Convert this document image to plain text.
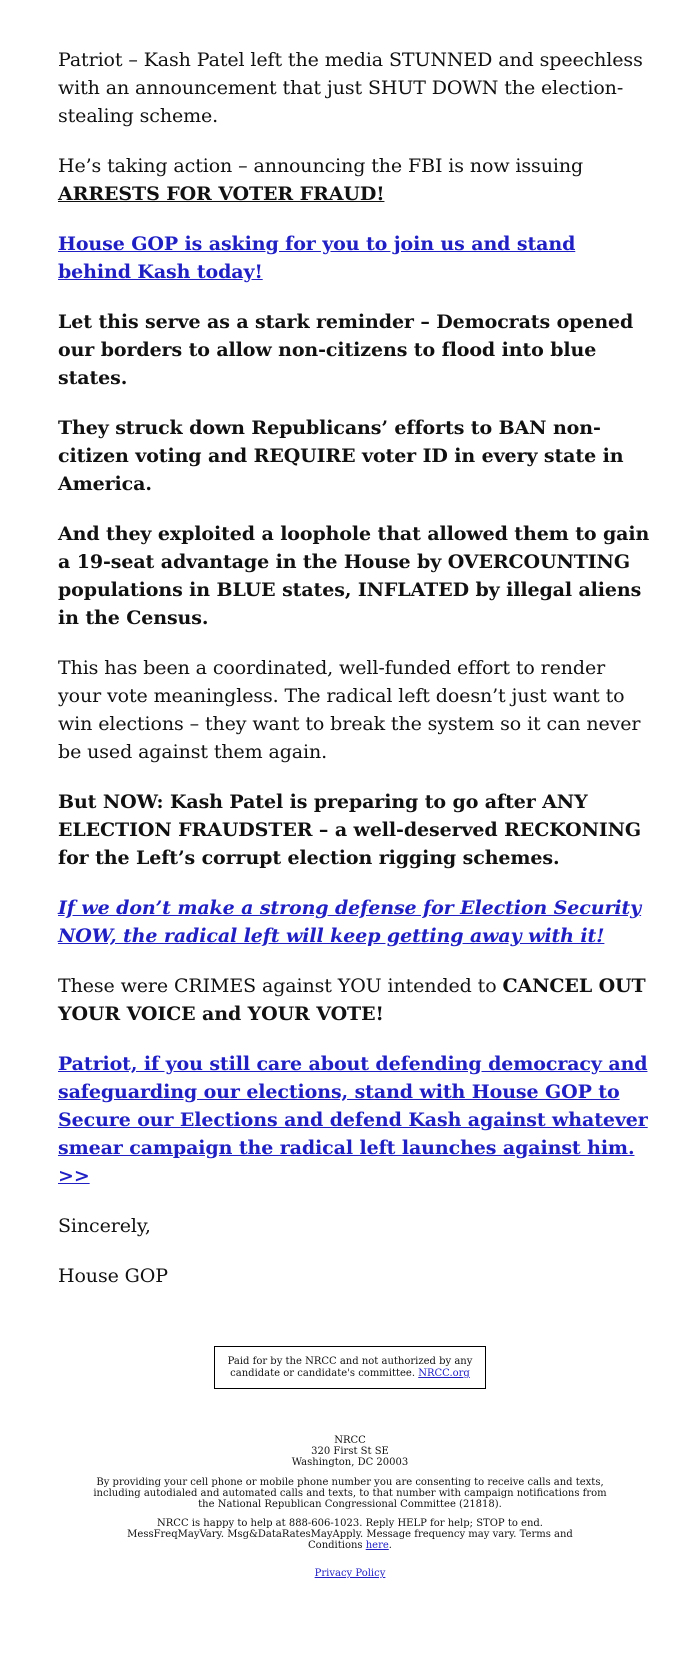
Patriot – Kash Patel left the media STUNNED and speechless with an announcement that just SHUT DOWN the election-stealing scheme.

He’s taking action – announcing the FBI is now issuing ARRESTS FOR VOTER FRAUD!

House GOP is asking for you to join us and stand behind Kash today!

Let this serve as a stark reminder – Democrats opened our borders to allow non-citizens to flood into blue states.

They struck down Republicans’ efforts to BAN non-citizen voting and REQUIRE voter ID in every state in America.

And they exploited a loophole that allowed them to gain a 19-seat advantage in the House by OVERCOUNTING populations in BLUE states, INFLATED by illegal aliens in the Census.

This has been a coordinated, well-funded effort to render your vote meaningless. The radical left doesn’t just want to win elections – they want to break the system so it can never be used against them again.

But NOW: Kash Patel is preparing to go after ANY ELECTION FRAUDSTER – a well-deserved RECKONING for the Left’s corrupt election rigging schemes.

If we don’t make a strong defense for Election Security NOW, the radical left will keep getting away with it!

These were CRIMES against YOU intended to CANCEL OUT YOUR VOICE and YOUR VOTE!

Patriot, if you still care about defending democracy and safeguarding our elections, stand with House GOP to Secure our Elections and defend Kash against whatever smear campaign the radical left launches against him. >>

Sincerely,

House GOP

Paid for by the NRCC and not authorized by any candidate or candidate's committee. NRCC.org
NRCC
320 First St SE
Washington, DC 20003
By providing your cell phone or mobile phone number you are consenting to receive calls and texts, including autodialed and automated calls and texts, to that number with campaign notifications from the National Republican Congressional Committee (21818).
NRCC is happy to help at 888-606-1023. Reply HELP for help; STOP to end. MessFreqMayVary. Msg&DataRatesMayApply. Message frequency may vary. Terms and Conditions here.
Privacy Policy
